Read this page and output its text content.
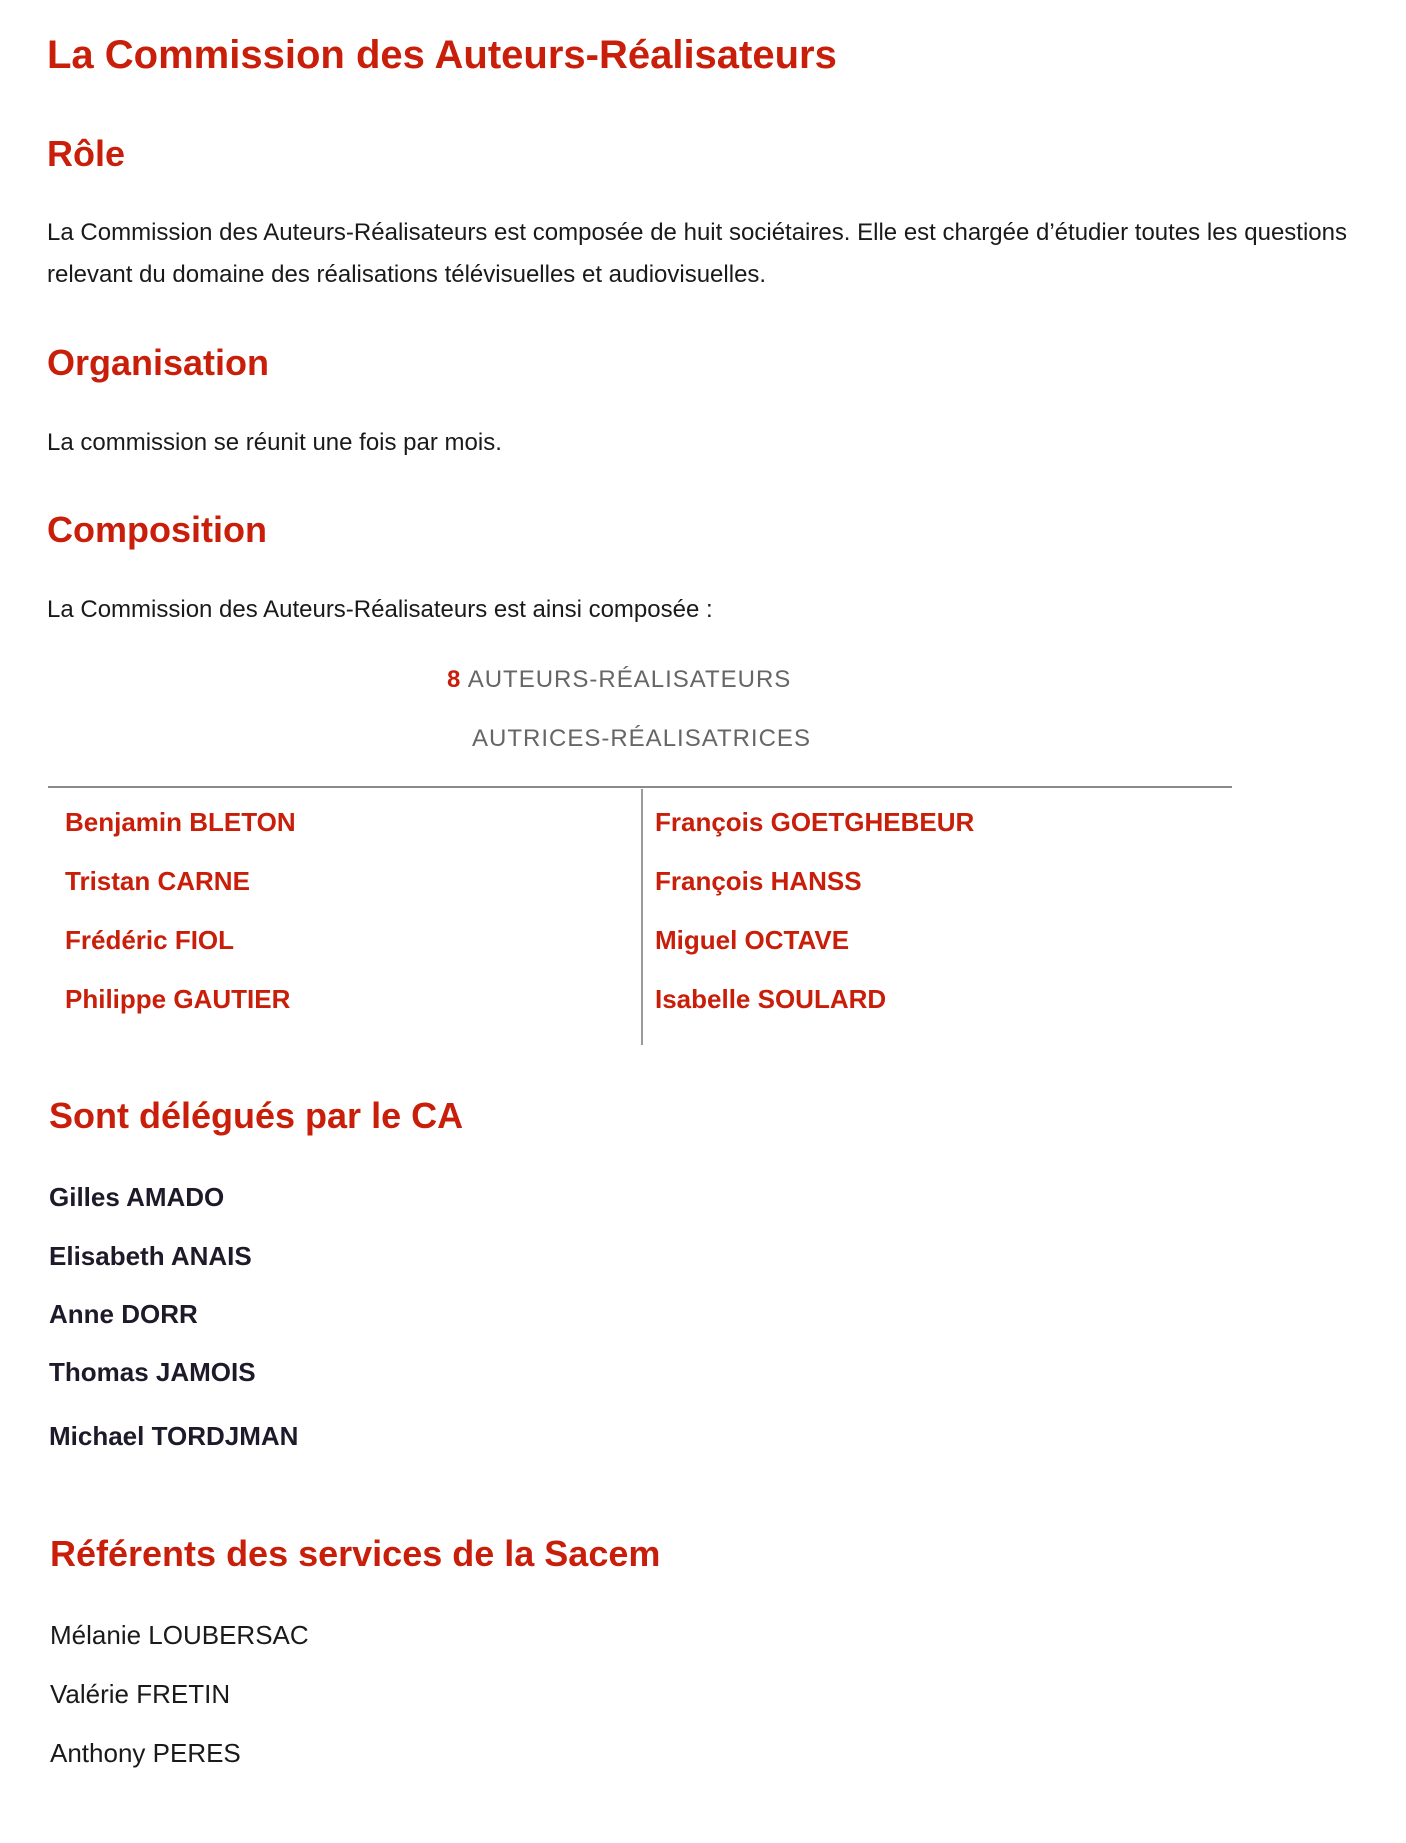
La Commission des Auteurs-Réalisateurs
Rôle

La Commission des Auteurs-Réalisateurs est composée de huit sociétaires. Elle est chargée d’étudier toutes les questions relevant du domaine des réalisations télévisuelles et audiovisuelles.

Organisation

La commission se réunit une fois par mois.

Composition

La Commission des Auteurs-Réalisateurs est ainsi composée :

8 AUTEURS-RÉALISATEURS
AUTRICES-RÉALISATRICES
Benjamin BLETON
Tristan CARNE
Frédéric FIOL
Philippe GAUTIER
François GOETGHEBEUR
François HANSS
Miguel OCTAVE
Isabelle SOULARD
Sont délégués par le CA
Gilles AMADO
Elisabeth ANAIS
Anne DORR
Thomas JAMOIS
Michael TORDJMAN
Référents des services de la Sacem
Mélanie LOUBERSAC
Valérie FRETIN
Anthony PERES
